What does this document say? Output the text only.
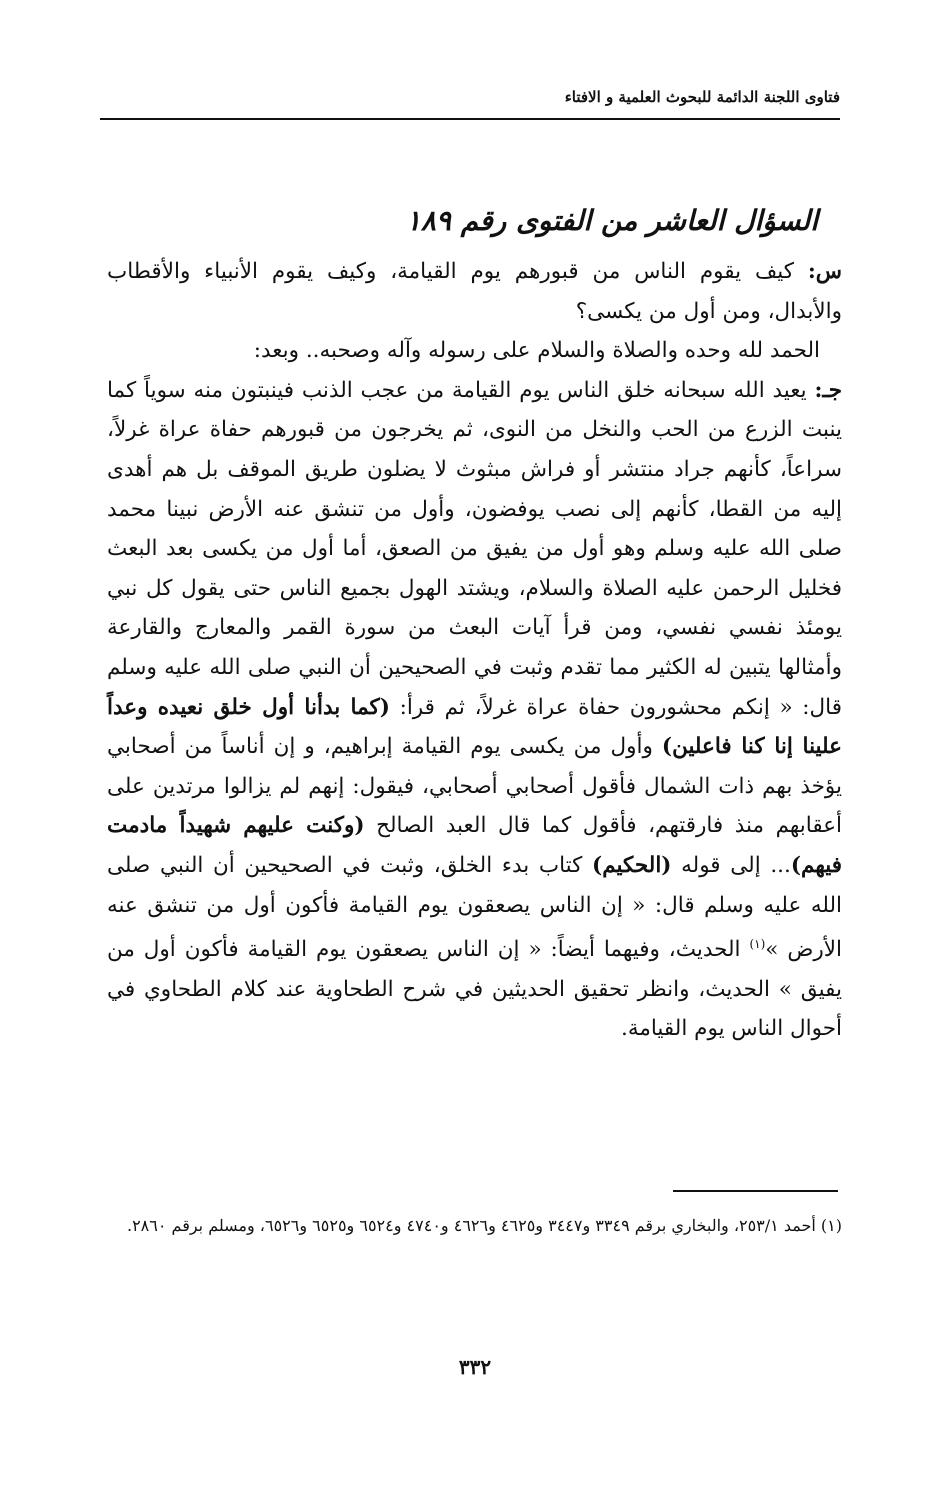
فتاوى اللجنة الدائمة للبحوث العلمية و الافتاء
السؤال العاشر من الفتوى رقم ١٨٩

س: كيف يقوم الناس من قبورهم يوم القيامة، وكيف يقوم الأنبياء والأقطاب والأبدال، ومن أول من يكسى؟

الحمد لله وحده والصلاة والسلام على رسوله وآله وصحبه.. وبعد:

جـ: يعيد الله سبحانه خلق الناس يوم القيامة من عجب الذنب فينبتون منه سوياً كما ينبت الزرع من الحب والنخل من النوى، ثم يخرجون من قبورهم حفاة عراة غرلاً، سراعاً، كأنهم جراد منتشر أو فراش مبثوث لا يضلون طريق الموقف بل هم أهدى إليه من القطا، كأنهم إلى نصب يوفضون، وأول من تنشق عنه الأرض نبينا محمد صلى الله عليه وسلم وهو أول من يفيق من الصعق، أما أول من يكسى بعد البعث فخليل الرحمن عليه الصلاة والسلام، ويشتد الهول بجميع الناس حتى يقول كل نبي يومئذ نفسي نفسي، ومن قرأ آيات البعث من سورة القمر والمعارج والقارعة وأمثالها يتبين له الكثير مما تقدم وثبت في الصحيحين أن النبي صلى الله عليه وسلم قال: « إنكم محشورون حفاة عراة غرلاً، ثم قرأ: (كما بدأنا أول خلق نعيده وعداً علينا إنا كنا فاعلين) وأول من يكسى يوم القيامة إبراهيم، و إن أناساً من أصحابي يؤخذ بهم ذات الشمال فأقول أصحابي أصحابي، فيقول: إنهم لم يزالوا مرتدين على أعقابهم منذ فارقتهم، فأقول كما قال العبد الصالح (وكنت عليهم شهيداً مادمت فيهم)... إلى قوله (الحكيم) كتاب بدء الخلق، وثبت في الصحيحين أن النبي صلى الله عليه وسلم قال: « إن الناس يصعقون يوم القيامة فأكون أول من تنشق عنه الأرض »$^{(١)}$ الحديث، وفيهما أيضاً: « إن الناس يصعقون يوم القيامة فأكون أول من يفيق » الحديث، وانظر تحقيق الحديثين في شرح الطحاوية عند كلام الطحاوي في أحوال الناس يوم القيامة.

(١) أحمد ٢٥٣/١، والبخاري برقم ٣٣٤٩ و٣٤٤٧ و٤٦٢٥ و٤٦٢٦ و٤٧٤٠ و٦٥٢٤ و٦٥٢٥ و٦٥٢٦، ومسلم برقم ٢٨٦٠.

٣٣٢
